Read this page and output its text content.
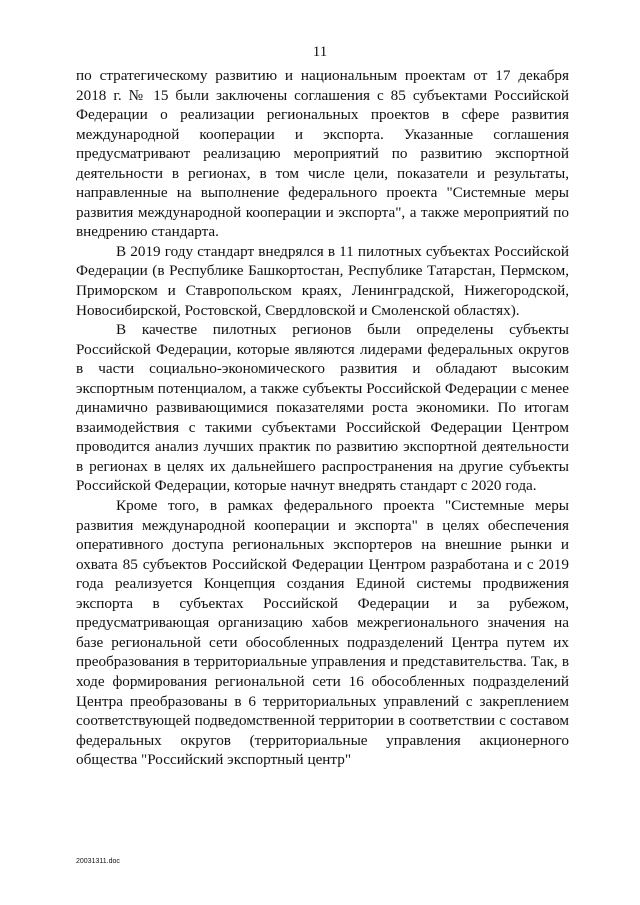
11

по стратегическому развитию и национальным проектам от 17 декабря 2018 г. № 15 были заключены соглашения с 85 субъектами Российской Федерации о реализации региональных проектов в сфере развития международной кооперации и экспорта. Указанные соглашения предусматривают реализацию мероприятий по развитию экспортной деятельности в регионах, в том числе цели, показатели и результаты, направленные на выполнение федерального проекта "Системные меры развития международной кооперации и экспорта", а также мероприятий по внедрению стандарта.

В 2019 году стандарт внедрялся в 11 пилотных субъектах Российской Федерации (в Республике Башкортостан, Республике Татарстан, Пермском, Приморском и Ставропольском краях, Ленинградской, Нижегородской, Новосибирской, Ростовской, Свердловской и Смоленской областях).

В качестве пилотных регионов были определены субъекты Российской Федерации, которые являются лидерами федеральных округов в части социально-экономического развития и обладают высоким экспортным потенциалом, а также субъекты Российской Федерации с менее динамично развивающимися показателями роста экономики. По итогам взаимодействия с такими субъектами Российской Федерации Центром проводится анализ лучших практик по развитию экспортной деятельности в регионах в целях их дальнейшего распространения на другие субъекты Российской Федерации, которые начнут внедрять стандарт с 2020 года.

Кроме того, в рамках федерального проекта "Системные меры развития международной кооперации и экспорта" в целях обеспечения оперативного доступа региональных экспортеров на внешние рынки и охвата 85 субъектов Российской Федерации Центром разработана и с 2019 года реализуется Концепция создания Единой системы продвижения экспорта в субъектах Российской Федерации и за рубежом, предусматривающая организацию хабов межрегионального значения на базе региональной сети обособленных подразделений Центра путем их преобразования в территориальные управления и представительства. Так, в ходе формирования региональной сети 16 обособленных подразделений Центра преобразованы в 6 территориальных управлений с закреплением соответствующей подведомственной территории в соответствии с составом федеральных округов (территориальные управления акционерного общества "Российский экспортный центр"

20031311.doc
